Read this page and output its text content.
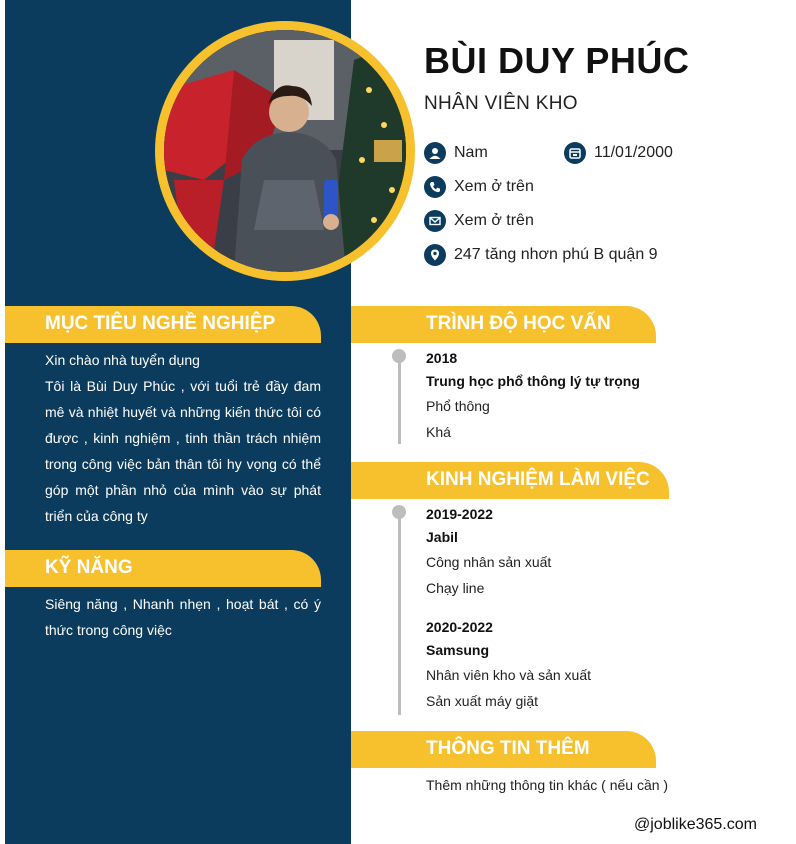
BÙI DUY PHÚC
NHÂN VIÊN KHO
Nam	11/01/2000
Xem ở trên
Xem ở trên
247 tăng nhơn phú B quận 9
MỤC TIÊU NGHỀ NGHIỆP

Xin chào nhà tuyển dụng

Tôi là Bùi Duy Phúc , với tuổi trẻ đầy đam mê và nhiệt huyết và những kiến thức tôi có được , kinh nghiệm , tinh thần trách nhiệm trong công việc bản thân tôi hy vọng có thể góp một phần nhỏ của mình vào sự phát triển của công ty

KỸ NĂNG

Siêng năng , Nhanh nhẹn , hoạt bát , có ý thức trong công việc

TRÌNH ĐỘ HỌC VẤN
2018
Trung học phổ thông lý tự trọng
Phổ thông
Khá
KINH NGHIỆM LÀM VIỆC
2019-2022
Jabil
Công nhân sản xuất
Chạy line
2020-2022
Samsung
Nhân viên kho và sản xuất
Sản xuất máy giặt
THÔNG TIN THÊM
Thêm những thông tin khác ( nếu cần )
@joblike365.com
